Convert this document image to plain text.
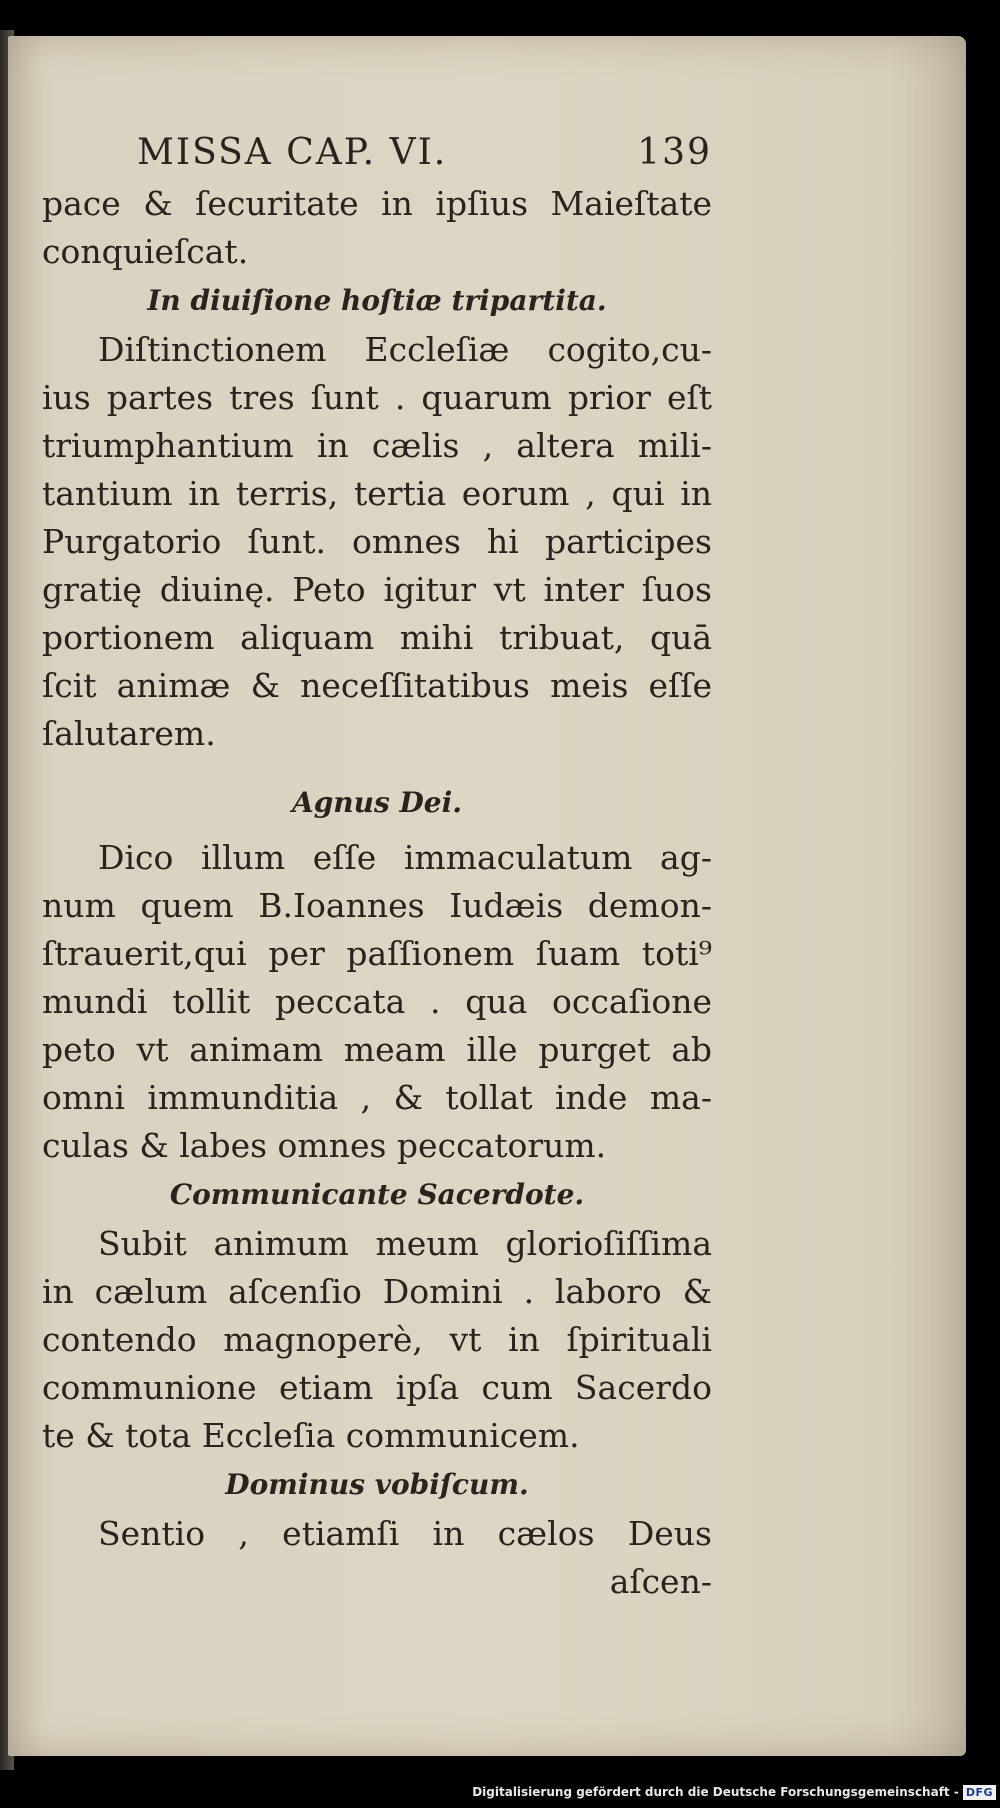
MISSA CAP. VI.	139
pace & ſecuritate in ipſius Maieſtate
conquieſcat.
In diuiſione hoſtiæ tripartita.
Diſtinctionem Eccleſiæ cogito,cu-
ius partes tres ſunt . quarum prior eſt
triumphantium in cælis , altera mili-
tantium in terris, tertia eorum , qui in
Purgatorio ſunt. omnes hi participes
gratię diuinę. Peto igitur vt inter ſuos
portionem aliquam mihi tribuat, quā
ſcit animæ & neceſſitatibus meis eſſe
ſalutarem.
Agnus Dei.
Dico illum eſſe immaculatum ag-
num quem B.Ioannes Iudæis demon-
ſtrauerit,qui per paſſionem ſuam toti⁹
mundi tollit peccata . qua occaſione
peto vt animam meam ille purget ab
omni immunditia , & tollat inde ma-
culas & labes omnes peccatorum.
Communicante Sacerdote.
Subit animum meum glorioſiſſima
in cælum aſcenſio Domini . laboro &
contendo magnoperè, vt in ſpirituali
communione etiam ipſa cum Sacerdo
te & tota Eccleſia communicem.
Dominus vobiſcum.
Sentio , etiamſi in cælos Deus
aſcen-
Digitalisierung gefördert durch die Deutsche Forschungsgemeinschaft - DFG
